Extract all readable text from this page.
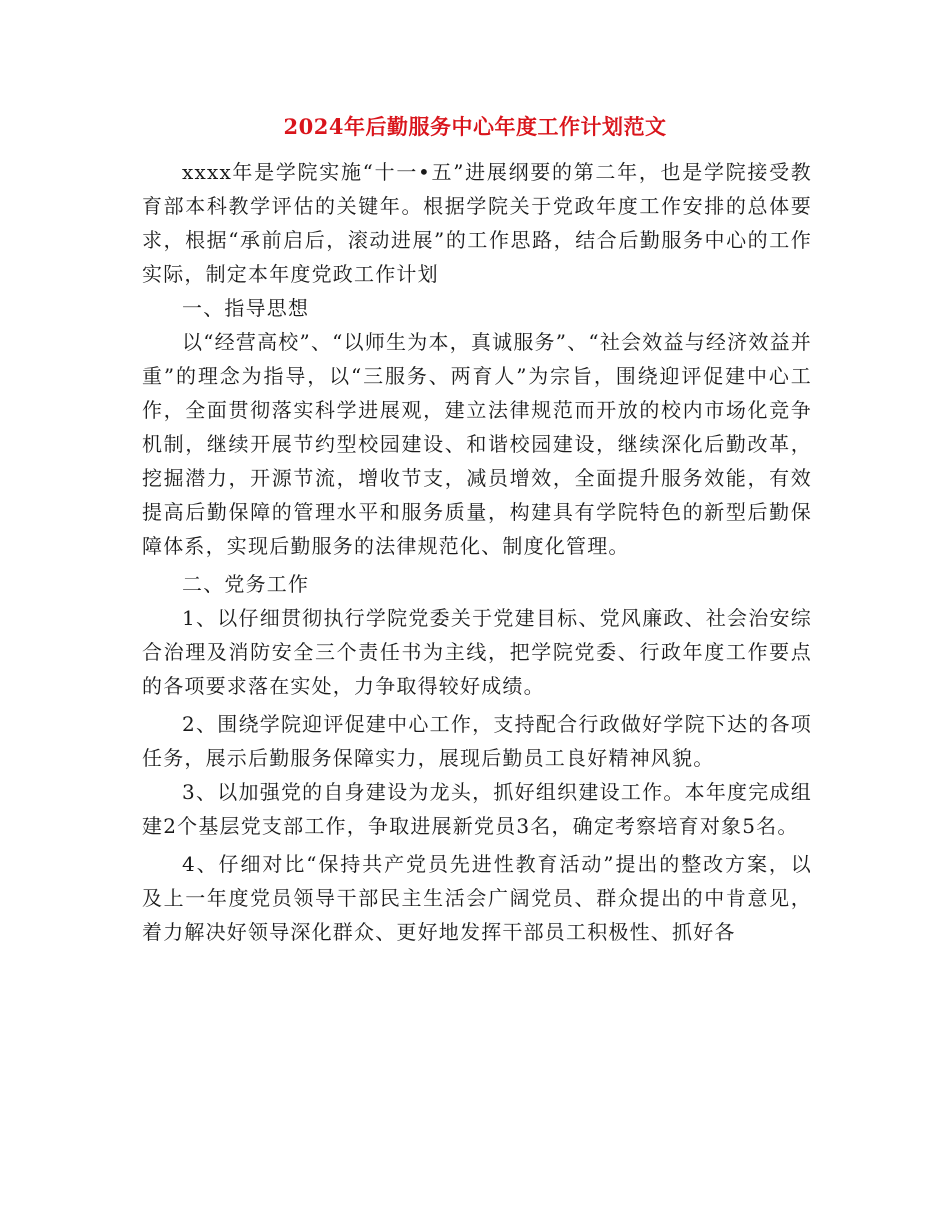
2024年后勤服务中心年度工作计划范文

xxxx年是学院实施“十一•五”进展纲要的第二年，也是学院接受教育部本科教学评估的关键年。根据学院关于党政年度工作安排的总体要求，根据“承前启后，滚动进展”的工作思路，结合后勤服务中心的工作实际，制定本年度党政工作计划

一、指导思想

以“经营高校”、“以师生为本，真诚服务”、“社会效益与经济效益并重”的理念为指导，以“三服务、两育人”为宗旨，围绕迎评促建中心工作，全面贯彻落实科学进展观，建立法律规范而开放的校内市场化竞争机制，继续开展节约型校园建设、和谐校园建设，继续深化后勤改革，挖掘潜力，开源节流，增收节支，减员增效，全面提升服务效能，有效提高后勤保障的管理水平和服务质量，构建具有学院特色的新型后勤保障体系，实现后勤服务的法律规范化、制度化管理。

二、党务工作

1、以仔细贯彻执行学院党委关于党建目标、党风廉政、社会治安综合治理及消防安全三个责任书为主线，把学院党委、行政年度工作要点的各项要求落在实处，力争取得较好成绩。

2、围绕学院迎评促建中心工作，支持配合行政做好学院下达的各项任务，展示后勤服务保障实力，展现后勤员工良好精神风貌。

3、以加强党的自身建设为龙头，抓好组织建设工作。本年度完成组建2个基层党支部工作，争取进展新党员3名，确定考察培育对象5名。

4、仔细对比“保持共产党员先进性教育活动”提出的整改方案，以及上一年度党员领导干部民主生活会广阔党员、群众提出的中肯意见，着力解决好领导深化群众、更好地发挥干部员工积极性、抓好各
